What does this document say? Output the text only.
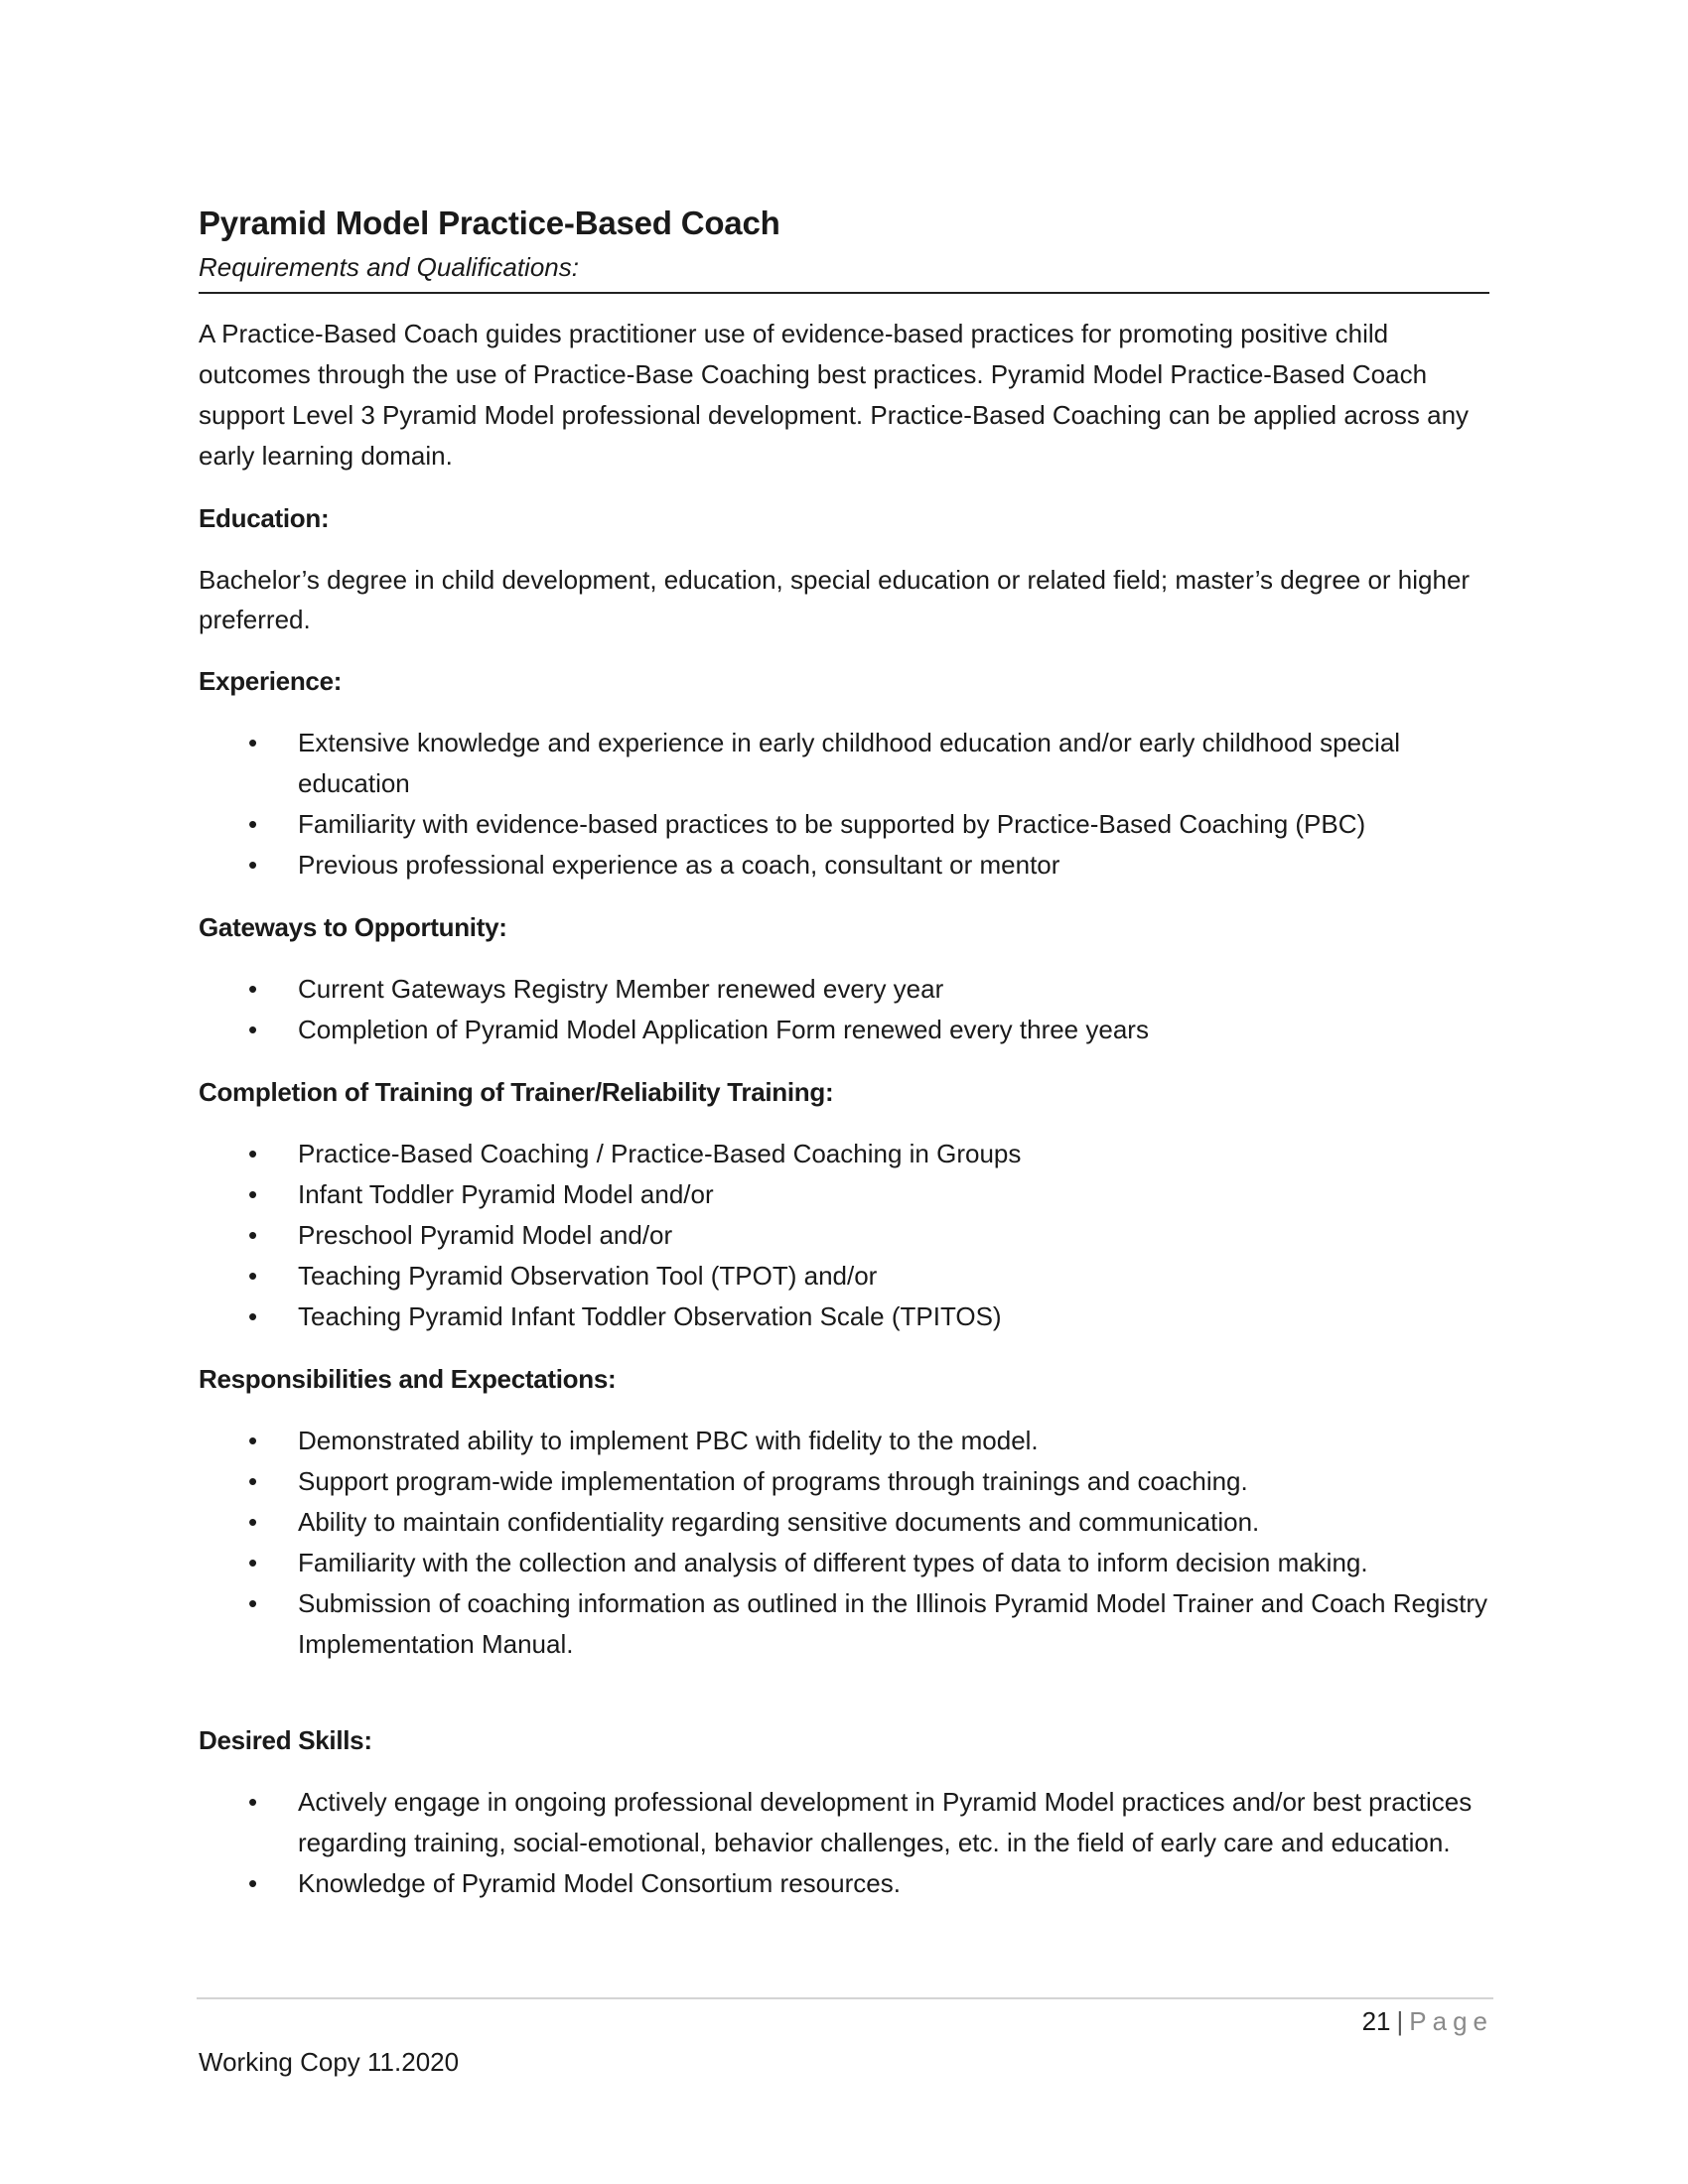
Pyramid Model Practice-Based Coach
Requirements and Qualifications:

A Practice-Based Coach guides practitioner use of evidence-based practices for promoting positive child outcomes through the use of Practice-Base Coaching best practices. Pyramid Model Practice-Based Coach support Level 3 Pyramid Model professional development. Practice-Based Coaching can be applied across any early learning domain.

Education:

Bachelor’s degree in child development, education, special education or related field; master’s degree or higher preferred.

Experience:
• Extensive knowledge and experience in early childhood education and/or early childhood special education
• Familiarity with evidence-based practices to be supported by Practice-Based Coaching (PBC)
• Previous professional experience as a coach, consultant or mentor
Gateways to Opportunity:
• Current Gateways Registry Member renewed every year
• Completion of Pyramid Model Application Form renewed every three years
Completion of Training of Trainer/Reliability Training:
• Practice-Based Coaching / Practice-Based Coaching in Groups
• Infant Toddler Pyramid Model and/or
• Preschool Pyramid Model and/or
• Teaching Pyramid Observation Tool (TPOT) and/or
• Teaching Pyramid Infant Toddler Observation Scale (TPITOS)
Responsibilities and Expectations:
• Demonstrated ability to implement PBC with fidelity to the model.
• Support program-wide implementation of programs through trainings and coaching.
• Ability to maintain confidentiality regarding sensitive documents and communication.
• Familiarity with the collection and analysis of different types of data to inform decision making.
• Submission of coaching information as outlined in the Illinois Pyramid Model Trainer and Coach Registry Implementation Manual.
Desired Skills:
• Actively engage in ongoing professional development in Pyramid Model practices and/or best practices regarding training, social-emotional, behavior challenges, etc. in the field of early care and education.
• Knowledge of Pyramid Model Consortium resources.
21 | Page
Working Copy 11.2020
